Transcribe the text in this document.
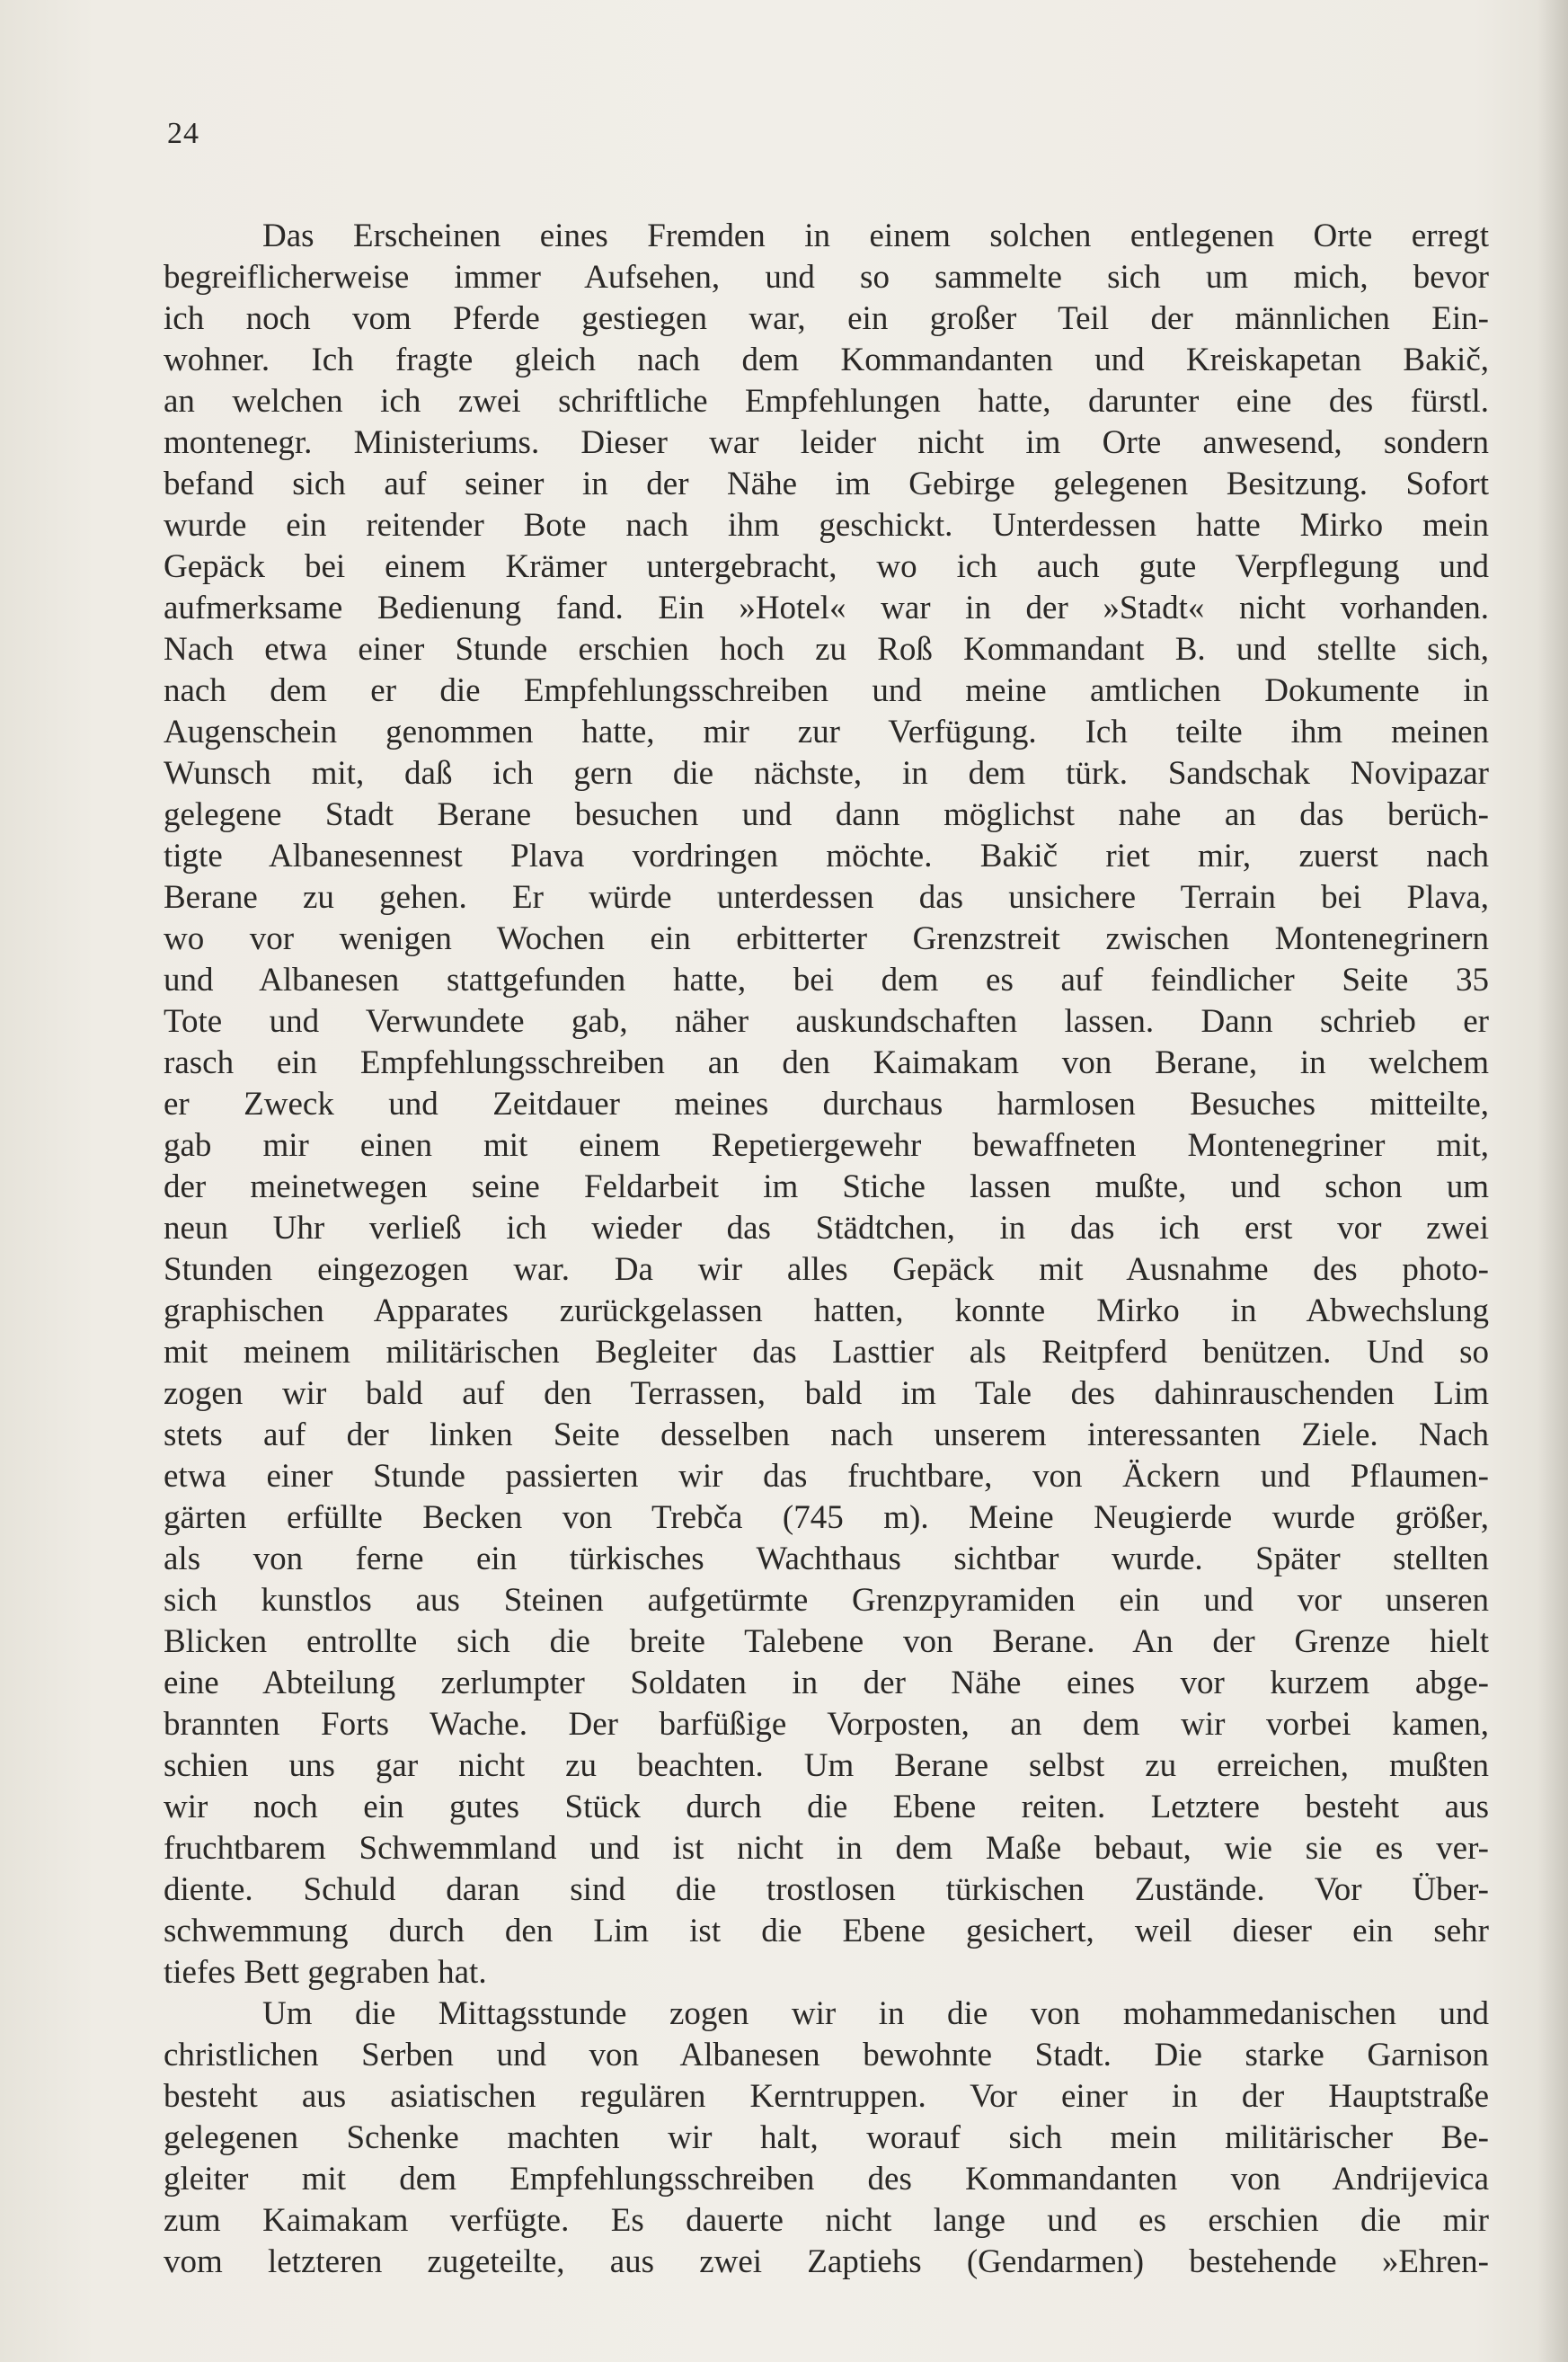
24
Das Erscheinen eines Fremden in einem solchen entlegenen Orte erregt
begreiflicherweise immer Aufsehen, und so sammelte sich um mich, bevor
ich noch vom Pferde gestiegen war, ein großer Teil der männlichen Ein-
wohner. Ich fragte gleich nach dem Kommandanten und Kreiskapetan Bakič,
an welchen ich zwei schriftliche Empfehlungen hatte, darunter eine des fürstl.
montenegr. Ministeriums. Dieser war leider nicht im Orte anwesend, sondern
befand sich auf seiner in der Nähe im Gebirge gelegenen Besitzung. Sofort
wurde ein reitender Bote nach ihm geschickt. Unterdessen hatte Mirko mein
Gepäck bei einem Krämer untergebracht, wo ich auch gute Verpflegung und
aufmerksame Bedienung fand. Ein »Hotel« war in der »Stadt« nicht vorhanden.
Nach etwa einer Stunde erschien hoch zu Roß Kommandant B. und stellte sich,
nach dem er die Empfehlungsschreiben und meine amtlichen Dokumente in
Augenschein genommen hatte, mir zur Verfügung. Ich teilte ihm meinen
Wunsch mit, daß ich gern die nächste, in dem türk. Sandschak Novipazar
gelegene Stadt Berane besuchen und dann möglichst nahe an das berüch-
tigte Albanesennest Plava vordringen möchte. Bakič riet mir, zuerst nach
Berane zu gehen. Er würde unterdessen das unsichere Terrain bei Plava,
wo vor wenigen Wochen ein erbitterter Grenzstreit zwischen Montenegrinern
und Albanesen stattgefunden hatte, bei dem es auf feindlicher Seite 35
Tote und Verwundete gab, näher auskundschaften lassen. Dann schrieb er
rasch ein Empfehlungsschreiben an den Kaimakam von Berane, in welchem
er Zweck und Zeitdauer meines durchaus harmlosen Besuches mitteilte,
gab mir einen mit einem Repetiergewehr bewaffneten Montenegriner mit,
der meinetwegen seine Feldarbeit im Stiche lassen mußte, und schon um
neun Uhr verließ ich wieder das Städtchen, in das ich erst vor zwei
Stunden eingezogen war. Da wir alles Gepäck mit Ausnahme des photo-
graphischen Apparates zurückgelassen hatten, konnte Mirko in Abwechslung
mit meinem militärischen Begleiter das Lasttier als Reitpferd benützen. Und so
zogen wir bald auf den Terrassen, bald im Tale des dahinrauschenden Lim
stets auf der linken Seite desselben nach unserem interessanten Ziele. Nach
etwa einer Stunde passierten wir das fruchtbare, von Äckern und Pflaumen-
gärten erfüllte Becken von Trebča (745 m). Meine Neugierde wurde größer,
als von ferne ein türkisches Wachthaus sichtbar wurde. Später stellten
sich kunstlos aus Steinen aufgetürmte Grenzpyramiden ein und vor unseren
Blicken entrollte sich die breite Talebene von Berane. An der Grenze hielt
eine Abteilung zerlumpter Soldaten in der Nähe eines vor kurzem abge-
brannten Forts Wache. Der barfüßige Vorposten, an dem wir vorbei kamen,
schien uns gar nicht zu beachten. Um Berane selbst zu erreichen, mußten
wir noch ein gutes Stück durch die Ebene reiten. Letztere besteht aus
fruchtbarem Schwemmland und ist nicht in dem Maße bebaut, wie sie es ver-
diente. Schuld daran sind die trostlosen türkischen Zustände. Vor Über-
schwemmung durch den Lim ist die Ebene gesichert, weil dieser ein sehr
tiefes Bett gegraben hat.
Um die Mittagsstunde zogen wir in die von mohammedanischen und
christlichen Serben und von Albanesen bewohnte Stadt. Die starke Garnison
besteht aus asiatischen regulären Kerntruppen. Vor einer in der Hauptstraße
gelegenen Schenke machten wir halt, worauf sich mein militärischer Be-
gleiter mit dem Empfehlungsschreiben des Kommandanten von Andrijevica
zum Kaimakam verfügte. Es dauerte nicht lange und es erschien die mir
vom letzteren zugeteilte, aus zwei Zaptiehs (Gendarmen) bestehende »Ehren-
